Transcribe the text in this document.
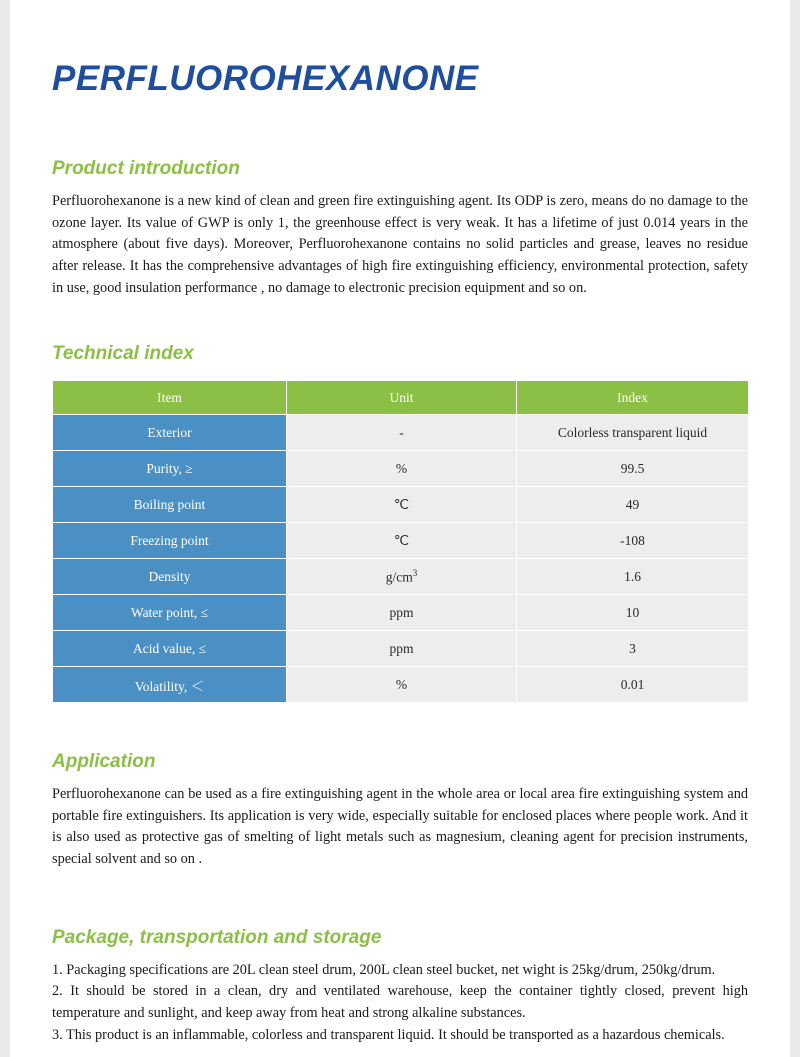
PERFLUOROHEXANONE
Product introduction

Perfluorohexanone is a new kind of clean and green fire extinguishing agent. Its ODP is zero, means do no damage to the ozone layer. Its value of GWP is only 1, the greenhouse effect is very weak. It has a lifetime of just 0.014 years in the atmosphere (about five days). Moreover, Perfluorohexanone contains no solid particles and grease, leaves no residue after release. It has the comprehensive advantages of high fire extinguishing efficiency, environmental protection, safety in use, good insulation performance , no damage to electronic precision equipment and so on.

Technical index
Item	Unit	Index
Exterior	-	Colorless transparent liquid
Purity, ≥	%	99.5
Boiling point	℃	49
Freezing point	℃	-108
Density	$g/cm^3$	1.6
Water point, ≤	ppm	10
Acid value, ≤	ppm	3
Volatility, ＜	%	0.01
Application

Perfluorohexanone can be used as a fire extinguishing agent in the whole area or local area fire extinguishing system and portable fire extinguishers. Its application is very wide, especially suitable for enclosed places where people work. And it is also used as protective gas of smelting of light metals such as magnesium, cleaning agent for precision instruments, special solvent and so on .

Package, transportation and storage
1. Packaging specifications are 20L clean steel drum, 200L clean steel bucket, net wight is 25kg/drum, 250kg/drum.
2. It should be stored in a clean, dry and ventilated warehouse, keep the container tightly closed, prevent high temperature and sunlight, and keep away from heat and strong alkaline substances.
3. This product is an inflammable, colorless and transparent liquid. It should be transported as a hazardous chemicals.
